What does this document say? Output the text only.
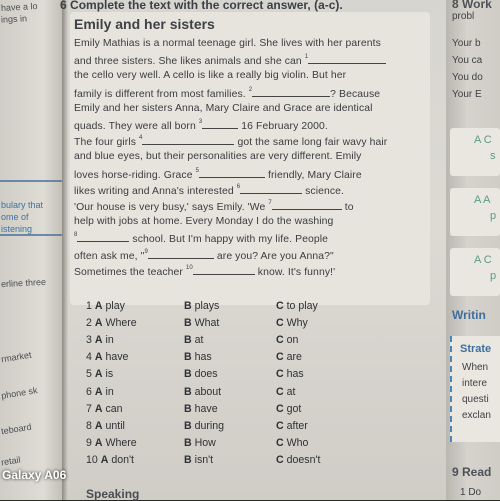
have a lo
ings in
bulary that
ome of
istening
erline three
rmarket
phone sk
teboard
retail
6 Complete the text with the correct answer, (a-c).
Emily and her sisters
Emily Mathias is a normal teenage girl. She lives with her parents
and three sisters. She likes animals and she can $^1$
the cello very well. A cello is like a really big violin. But her
family is different from most families. $^2$	? Because
Emily and her sisters Anna, Mary Claire and Grace are identical
quads. They were all born $^3$	16 February 2000.
The four girls $^4$	got the same long fair wavy hair
and blue eyes, but their personalities are very different. Emily
loves horse-riding. Grace $^5$	friendly, Mary Claire
likes writing and Anna's interested $^6$	science.
'Our house is very busy,' says Emily. 'We $^7$	to
help with jobs at home. Every Monday I do the washing
$^8$	school. But I'm happy with my life. People
often ask me, "$^9$	are you? Are you Anna?"
Sometimes the teacher $^{10}$	know. It's funny!'
1 A play	B plays	C to play
2 A Where	B What	C Why
3 A in	B at	C on
4 A have	B has	C are
5 A is	B does	C has
6 A in	B about	C at
7 A can	B have	C got
8 A until	B during	C after
9 A Where	B How	C Who
10 A don't	B isn't	C doesn't
Speaking
8 Work
probl
Your b
You ca
You do
Your E
A C
s
A A
p
A C
p
Writin
Strate
When
intere
questi
exclan
9 Read
1 Do
Galaxy A06
